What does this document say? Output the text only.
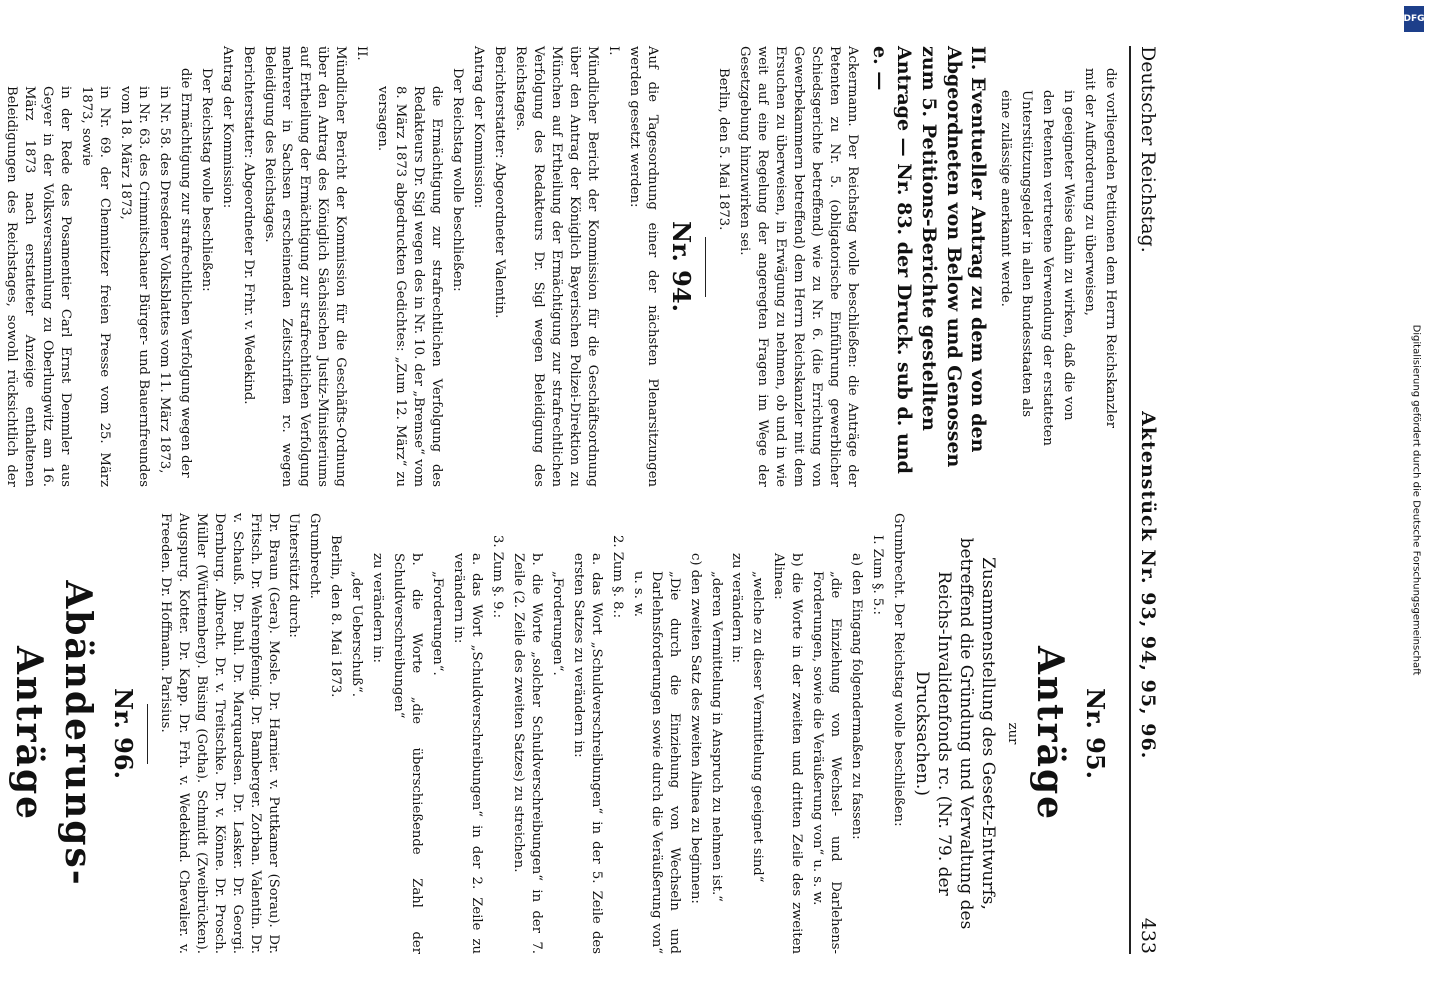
Deutscher Reichstag.
Aktenstück Nr. 93, 94, 95, 96.
433

die vorliegenden Petitionen dem Herrn Reichskanzler

mit der Aufforderung zu überweisen,

in geeigneter Weise dahin zu wirken, daß die von

den Petenten vertretene Verwendung der erstatteten

Unterstützungsgelder in allen Bundesstaaten als

eine zulässige anerkannt werde.

II. Eventueller Antrag zu dem von den Abgeordneten von Below und Genossen zum 5. Petitions-Berichte gestellten Antrage — Nr. 83. der Druck. sub d. und e. —

Ackermann. Der Reichstag wolle beschließen: die Anträge der Petenten zu Nr. 5. (obligatorische Einführung gewerblicher Schiedsgerichte betreffend) wie zu Nr. 6. (die Errichtung von Gewerbekammern betreffend) dem Herrn Reichskanzler mit dem Ersuchen zu überweisen, in Erwägung zu nehmen, ob und in wie weit auf eine Regelung der angeregten Fragen im Wege der Gesetzgebung hinzuwirken sei.

Berlin, den 5. Mai 1873.

Nr. 94.

Auf die Tagesordnung einer der nächsten Plenarsitzungen werden gesetzt werden:

I.

Mündlicher Bericht der Kommission für die Geschäftsordnung über den Antrag der Königlich Bayerischen Polizei-Direktion zu München auf Ertheilung der Ermächtigung zur strafrechtlichen Verfolgung des Redakteurs Dr. Sigl wegen Beleidigung des Reichstages.

Berichterstatter: Abgeordneter Valentin.

Antrag der Kommission:

Der Reichstag wolle beschließen:

die Ermächtigung zur strafrechtlichen Verfolgung des Redakteurs Dr. Sigl wegen des in Nr. 10. der „Bremse“ vom 8. März 1873 abgedruckten Gedichtes: „Zum 12. März“ zu versagen.

II.

Mündlicher Bericht der Kommission für die Geschäfts-Ordnung über den Antrag des Königlich Sächsischen Justiz-Ministeriums auf Ertheilung der Ermächtigung zur strafrechtlichen Verfolgung mehrerer in Sachsen erscheinenden Zeitschriften rc. wegen Beleidigung des Reichstages.

Berichterstatter: Abgeordneter Dr. Frhr. v. Wedekind.

Antrag der Kommission:

Der Reichstag wolle beschließen:

die Ermächtigung zur strafrechtlichen Verfolgung wegen der

in Nr. 58. des Dresdener Volksblattes vom 11. März 1873,

in Nr. 63. des Crimmitschauer Bürger- und Bauernfreundes vom 18. März 1873,

in Nr. 69. der Chemnitzer freien Presse vom 25. März 1873, sowie

in der Rede des Posamentier Carl Ernst Demmler aus Geyer in der Volksversammlung zu Oberlungwitz am 16. März 1873 nach erstatteter Anzeige enthaltenen Beleidigungen des Reichstages, sowohl rücksichtlich der

Nr. 95.
Anträge
zur
Zusammenstellung des Gesetz-Entwurfs, betreffend die Gründung und Verwaltung des Reichs-Invalidenfonds rc. (Nr. 79. der Drucksachen.)

Grumbrecht. Der Reichstag wolle beschließen:

I. Zum §. 5.:

a) den Eingang folgendermaßen zu fassen:

„die Einziehung von Wechsel- und Darlehens-Forderungen, sowie die Veräußerung von“ u. s. w.

b) die Worte in der zweiten und dritten Zeile des zweiten Alinea:

„welche zu dieser Vermittelung geeignet sind“

zu verändern in:

„deren Vermittelung in Anspruch zu nehmen ist.“

c) den zweiten Satz des zweiten Alinea zu beginnen:

„Die durch die Einziehung von Wechseln und Darlehnsforderungen sowie durch die Veräußerung von“ u. s. w.

2. Zum §. 8.:

a. das Wort „Schuldverschreibungen“ in der 5. Zeile des ersten Satzes zu verändern in:

„Forderungen“.

b. die Worte „solcher Schuldverschreibungen“ in der 7. Zeile (2. Zeile des zweiten Satzes) zu streichen.

3. Zum §. 9.:

a. das Wort „Schuldverschreibungen“ in der 2. Zeile zu verändern in:

„Forderungen“.

b. die Worte „die überschießende Zahl der Schuldverschreibungen“

zu verändern in:

„der Ueberschuß“.

Berlin, den 8. Mai 1873.

Grumbrecht.

Unterstützt durch:

Dr. Braun (Gera). Mosle. Dr. Harnier. v. Puttkamer (Sorau). Dr. Fritsch. Dr. Wehrenpfennig. Dr. Bamberger. Zorban. Valentin. Dr. v. Schauß. Dr. Buhl. Dr. Marquardsen. Dr. Lasker. Dr. Georgi. Dernburg. Albrecht. Dr. v. Treitschke. Dr. v. Könne. Dr. Prosch. Müller (Württemberg). Büsing (Gotha). Schmidt (Zweibrücken). Augspurg. Kotter. Dr. Kapp. Dr. Frh. v. Wedekind. Chevalier. v. Freeden. Dr. Hoffmann. Parisius.

Nr. 96.
Abänderungs-Anträge

Digitalisierung gefördert durch die Deutsche Forschungsgemeinschaft
DFG
